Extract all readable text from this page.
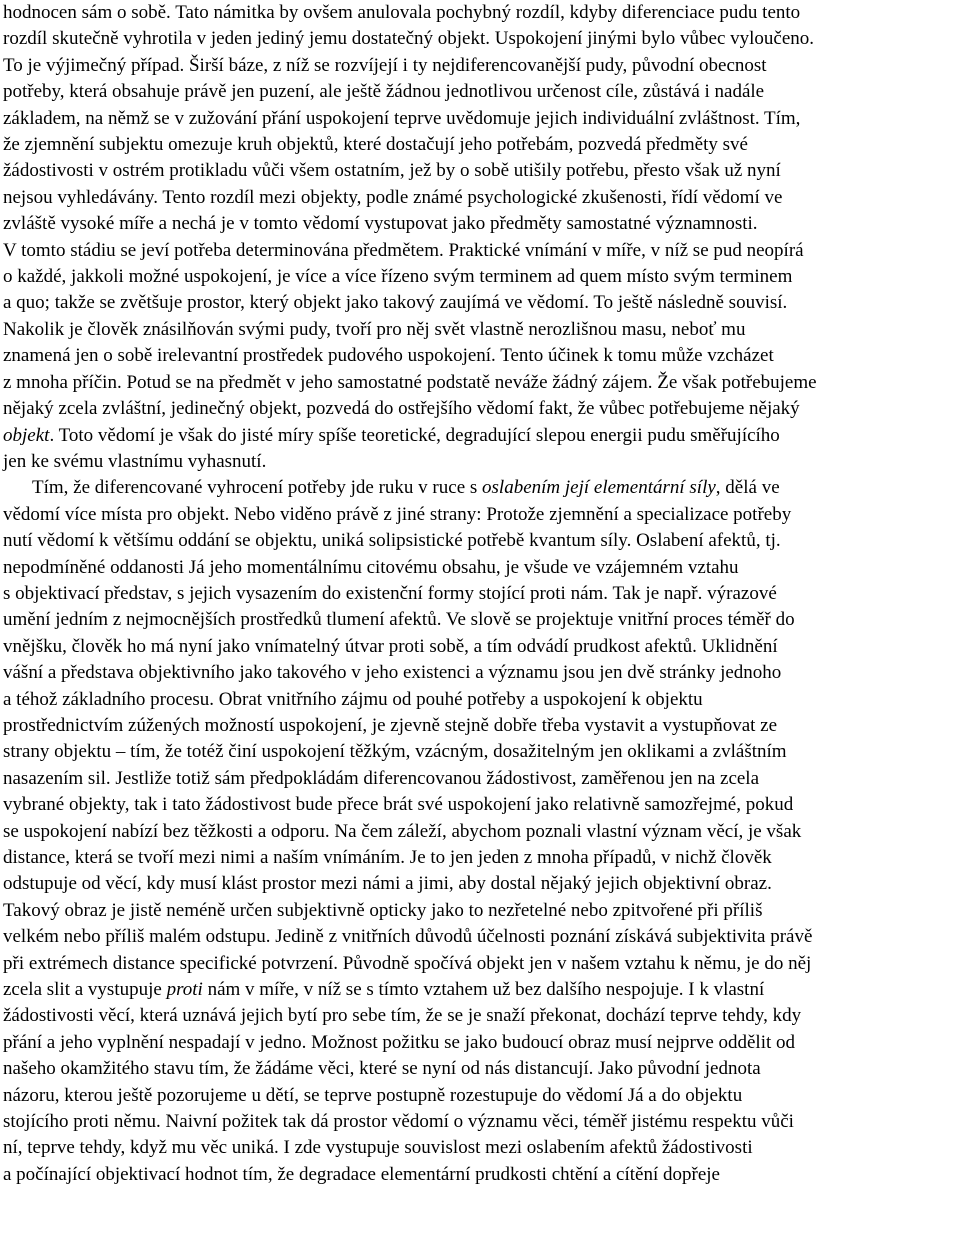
hodnocen sám o sobě. Tato námitka by ovšem anulovala pochybný rozdíl, kdyby diferenciace pudu tento
rozdíl skutečně vyhrotila v jeden jediný jemu dostatečný objekt. Uspokojení jinými bylo vůbec vyloučeno.
To je výjimečný případ. Širší báze, z níž se rozvíjejí i ty nejdiferencovanější pudy, původní obecnost
potřeby, která obsahuje právě jen puzení, ale ještě žádnou jednotlivou určenost cíle, zůstává i nadále
základem, na němž se v zužování přání uspokojení teprve uvědomuje jejich individuální zvláštnost. Tím,
že zjemnění subjektu omezuje kruh objektů, které dostačují jeho potřebám, pozvedá předměty své
žádostivosti v ostrém protikladu vůči všem ostatním, jež by o sobě utišily potřebu, přesto však už nyní
nejsou vyhledávány. Tento rozdíl mezi objekty, podle známé psychologické zkušenosti, řídí vědomí ve
zvláště vysoké míře a nechá je v tomto vědomí vystupovat jako předměty samostatné významnosti.
V tomto stádiu se jeví potřeba determinována předmětem. Praktické vnímání v míře, v níž se pud neopírá
o každé, jakkoli možné uspokojení, je více a více řízeno svým terminem ad quem místo svým terminem
a quo; takže se zvětšuje prostor, který objekt jako takový zaujímá ve vědomí. To ještě následně souvisí.
Nakolik je člověk znásilňován svými pudy, tvoří pro něj svět vlastně nerozlišnou masu, neboť mu
znamená jen o sobě irelevantní prostředek pudového uspokojení. Tento účinek k tomu může vzcházet
z mnoha příčin. Potud se na předmět v jeho samostatné podstatě neváže žádný zájem. Že však potřebujeme
nějaký zcela zvláštní, jedinečný objekt, pozvedá do ostřejšího vědomí fakt, že vůbec potřebujeme nějaký
objekt. Toto vědomí je však do jisté míry spíše teoretické, degradující slepou energii pudu směřujícího
jen ke svému vlastnímu vyhasnutí.

Tím, že diferencované vyhrocení potřeby jde ruku v ruce s oslabením její elementární síly, dělá ve
vědomí více místa pro objekt. Nebo viděno právě z jiné strany: Protože zjemnění a specializace potřeby
nutí vědomí k většímu oddání se objektu, uniká solipsistické potřebě kvantum síly. Oslabení afektů, tj.
nepodmíněné oddanosti Já jeho momentálnímu citovému obsahu, je všude ve vzájemném vztahu
s objektivací představ, s jejich vysazením do existenční formy stojící proti nám. Tak je např. výrazové
umění jedním z nejmocnějších prostředků tlumení afektů. Ve slově se projektuje vnitřní proces téměř do
vnějšku, člověk ho má nyní jako vnímatelný útvar proti sobě, a tím odvádí prudkost afektů. Uklidnění
vášní a představa objektivního jako takového v jeho existenci a významu jsou jen dvě stránky jednoho
a téhož základního procesu. Obrat vnitřního zájmu od pouhé potřeby a uspokojení k objektu
prostřednictvím zúžených možností uspokojení, je zjevně stejně dobře třeba vystavit a vystupňovat ze
strany objektu – tím, že totéž činí uspokojení těžkým, vzácným, dosažitelným jen oklikami a zvláštním
nasazením sil. Jestliže totiž sám předpokládám diferencovanou žádostivost, zaměřenou jen na zcela
vybrané objekty, tak i tato žádostivost bude přece brát své uspokojení jako relativně samozřejmé, pokud
se uspokojení nabízí bez těžkosti a odporu. Na čem záleží, abychom poznali vlastní význam věcí, je však
distance, která se tvoří mezi nimi a naším vnímáním. Je to jen jeden z mnoha případů, v nichž člověk
odstupuje od věcí, kdy musí klást prostor mezi námi a jimi, aby dostal nějaký jejich objektivní obraz.
Takový obraz je jistě neméně určen subjektivně opticky jako to nezřetelné nebo zpitvořené při příliš
velkém nebo příliš malém odstupu. Jedině z vnitřních důvodů účelnosti poznání získává subjektivita právě
při extrémech distance specifické potvrzení. Původně spočívá objekt jen v našem vztahu k němu, je do něj
zcela slit a vystupuje proti nám v míře, v níž se s tímto vztahem už bez dalšího nespojuje. I k vlastní
žádostivosti věcí, která uznává jejich bytí pro sebe tím, že se je snaží překonat, dochází teprve tehdy, kdy
přání a jeho vyplnění nespadají v jedno. Možnost požitku se jako budoucí obraz musí nejprve oddělit od
našeho okamžitého stavu tím, že žádáme věci, které se nyní od nás distancují. Jako původní jednota
názoru, kterou ještě pozorujeme u dětí, se teprve postupně rozestupuje do vědomí Já a do objektu
stojícího proti němu. Naivní požitek tak dá prostor vědomí o významu věci, téměř jistému respektu vůči
ní, teprve tehdy, když mu věc uniká. I zde vystupuje souvislost mezi oslabením afektů žádostivosti
a počínající objektivací hodnot tím, že degradace elementární prudkosti chtění a cítění dopřeje
